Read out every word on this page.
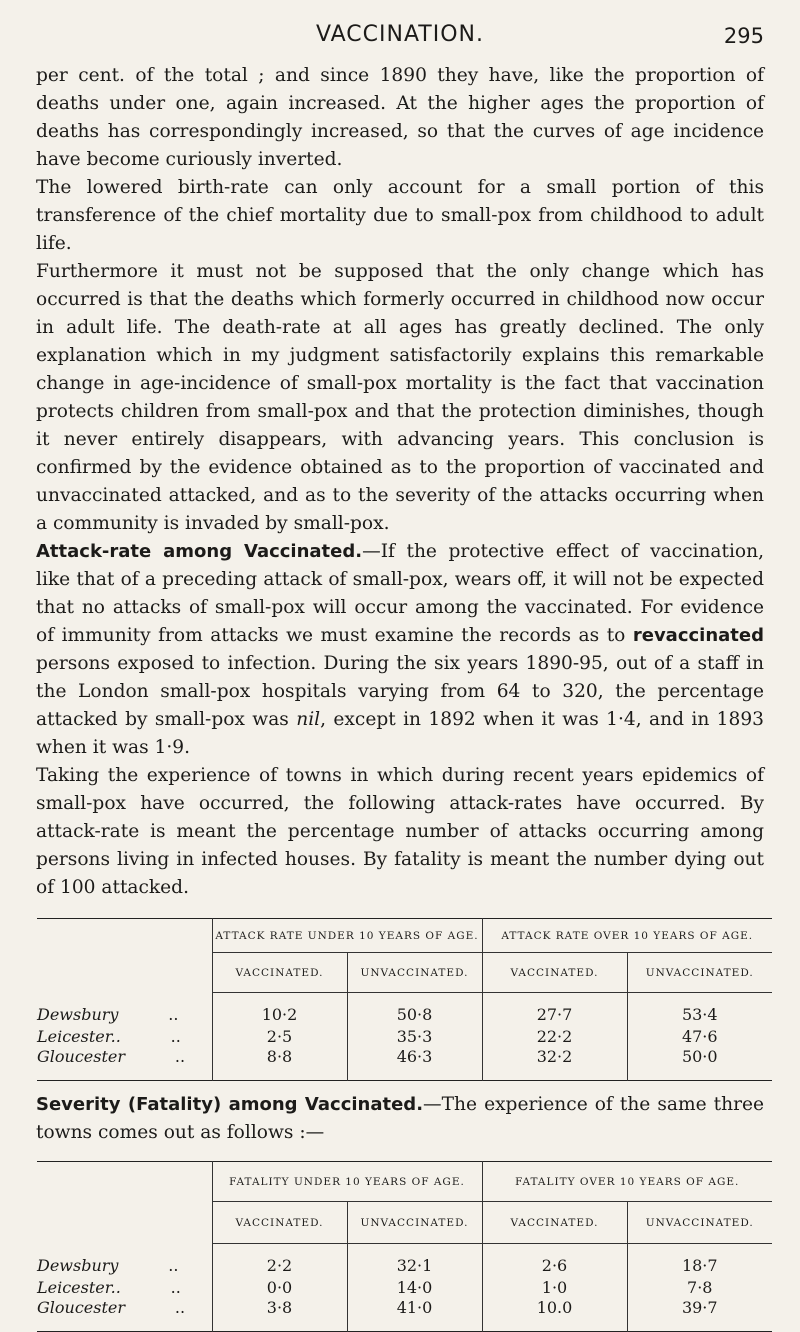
VACCINATION.	295

per cent. of the total ; and since 1890 they have, like the proportion of deaths under one, again increased. At the higher ages the proportion of deaths has correspondingly increased, so that the curves of age incidence have become curiously inverted.

The lowered birth-rate can only account for a small portion of this transference of the chief mortality due to small-pox from childhood to adult life.

Furthermore it must not be supposed that the only change which has occurred is that the deaths which formerly occurred in childhood now occur in adult life. The death-rate at all ages has greatly declined. The only explanation which in my judgment satisfactorily explains this remarkable change in age-incidence of small-pox mortality is the fact that vaccination protects children from small-pox and that the protection diminishes, though it never entirely disappears, with advancing years. This conclusion is confirmed by the evidence obtained as to the proportion of vaccinated and unvaccinated attacked, and as to the severity of the attacks occurring when a community is invaded by small-pox.

Attack-rate among Vaccinated.—If the protective effect of vaccination, like that of a preceding attack of small-pox, wears off, it will not be expected that no attacks of small-pox will occur among the vaccinated. For evidence of immunity from attacks we must examine the records as to revaccinated persons exposed to infection. During the six years 1890-95, out of a staff in the London small-pox hospitals varying from 64 to 320, the percentage attacked by small-pox was nil, except in 1892 when it was 1·4, and in 1893 when it was 1·9.

Taking the experience of towns in which during recent years epidemics of small-pox have occurred, the following attack-rates have occurred. By attack-rate is meant the percentage number of attacks occurring among persons living in infected houses. By fatality is meant the number dying out of 100 attacked.

	ATTACK RATE UNDER 10 YEARS OF AGE.		ATTACK RATE OVER 10 YEARS OF AGE.	
	VACCINATED.	UNVACCINATED.	VACCINATED.	UNVACCINATED.
Dewsbury ..	10·2	50·8	27·7	53·4
Leicester.. ..	2·5	35·3	22·2	47·6
Gloucester ..	8·8	46·3	32·2	50·0

Severity (Fatality) among Vaccinated.—The experience of the same three towns comes out as follows :—

	FATALITY UNDER 10 YEARS OF AGE.		FATALITY OVER 10 YEARS OF AGE.	
	VACCINATED.	UNVACCINATED.	VACCINATED.	UNVACCINATED.
Dewsbury ..	2·2	32·1	2·6	18·7
Leicester.. ..	0·0	14·0	1·0	7·8
Gloucester ..	3·8	41·0	10.0	39·7
